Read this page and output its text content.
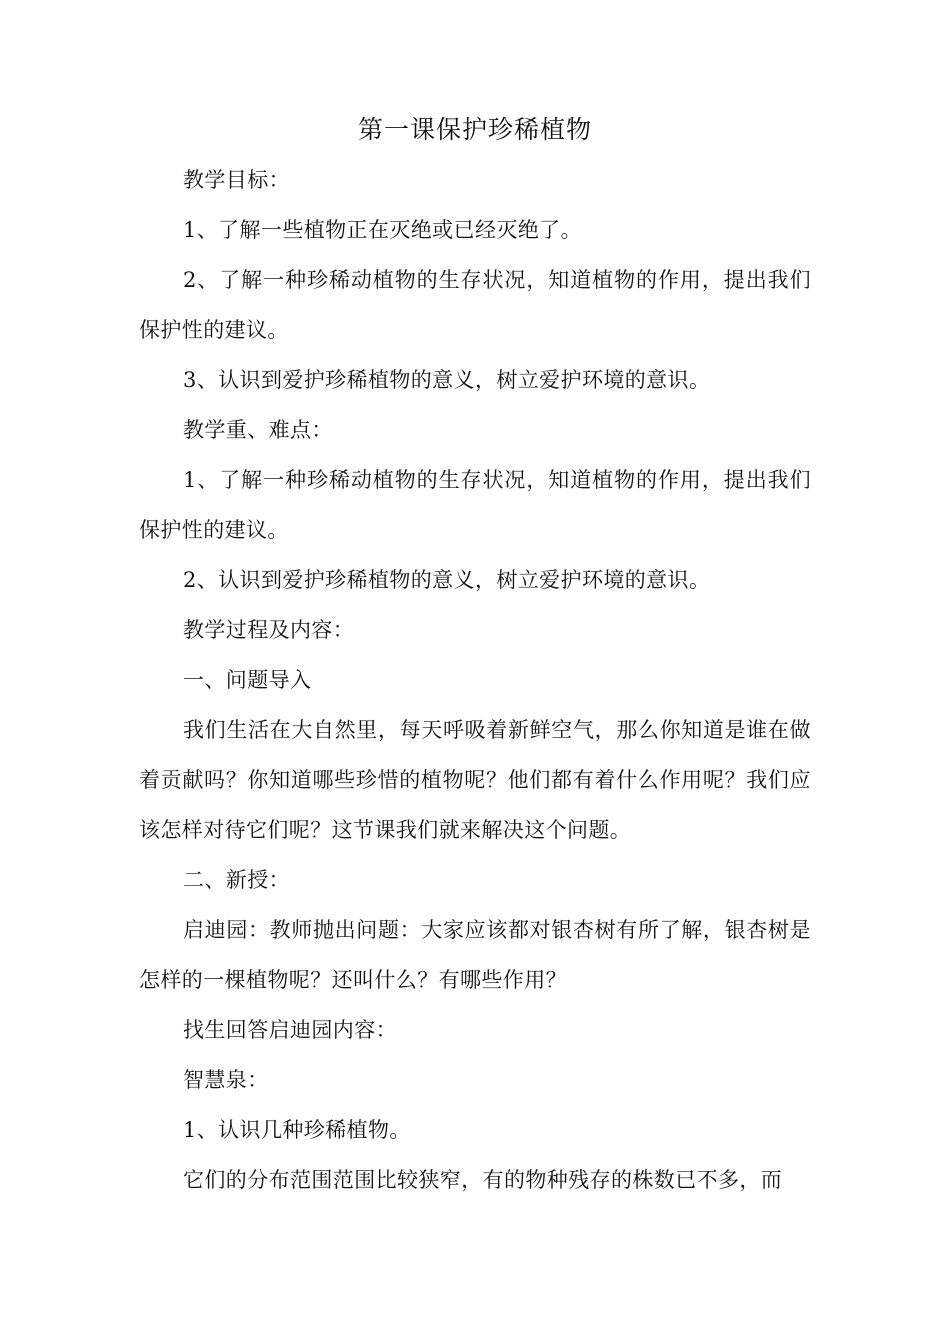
第一课保护珍稀植物

教学目标：

1、了解一些植物正在灭绝或已经灭绝了。

2、了解一种珍稀动植物的生存状况，知道植物的作用，提出我们保护性的建议。

3、认识到爱护珍稀植物的意义，树立爱护环境的意识。

教学重、难点：

1、了解一种珍稀动植物的生存状况，知道植物的作用，提出我们保护性的建议。

2、认识到爱护珍稀植物的意义，树立爱护环境的意识。

教学过程及内容：

一、问题导入

我们生活在大自然里，每天呼吸着新鲜空气，那么你知道是谁在做着贡献吗？你知道哪些珍惜的植物呢？他们都有着什么作用呢？我们应该怎样对待它们呢？这节课我们就来解决这个问题。

二、新授：

启迪园：教师抛出问题：大家应该都对银杏树有所了解，银杏树是怎样的一棵植物呢？还叫什么？有哪些作用？

找生回答启迪园内容：

智慧泉：

1、认识几种珍稀植物。

它们的分布范围范围比较狭窄，有的物种残存的株数已不多，而
